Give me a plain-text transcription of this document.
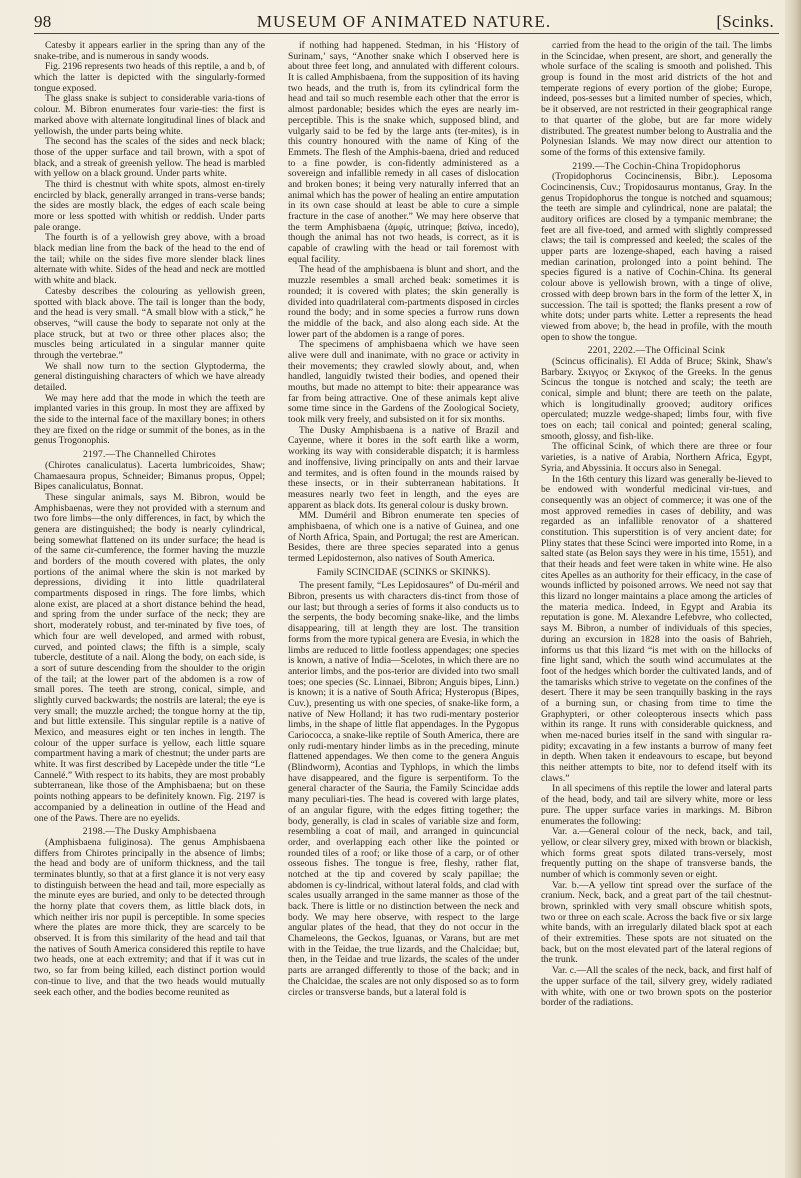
98	MUSEUM OF ANIMATED NATURE.	[Scinks.

Catesby it appears earlier in the spring than any of the snake-tribe, and is numerous in sandy woods.

Fig. 2196 represents two heads of this reptile, a and b, of which the latter is depicted with the singularly-formed tongue exposed.

The glass snake is subject to considerable varia-tions of colour. M. Bibron enumerates four varie-ties: the first is marked above with alternate longitudinal lines of black and yellowish, the under parts being white.

The second has the scales of the sides and neck black; those of the upper surface and tail brown, with a spot of black, and a streak of greenish yellow. The head is marbled with yellow on a black ground. Under parts white.

The third is chestnut with white spots, almost en-tirely encircled by black, generally arranged in trans-verse bands; the sides are mostly black, the edges of each scale being more or less spotted with whitish or reddish. Under parts pale orange.

The fourth is of a yellowish grey above, with a broad black median line from the back of the head to the end of the tail; while on the sides five more slender black lines alternate with white. Sides of the head and neck are mottled with white and black.

Catesby describes the colouring as yellowish green, spotted with black above. The tail is longer than the body, and the head is very small. “A small blow with a stick,” he observes, “will cause the body to separate not only at the place struck, but at two or three other places also; the muscles being articulated in a singular manner quite through the vertebrae.”

We shall now turn to the section Glyptoderma, the general distinguishing characters of which we have already detailed.

We may here add that the mode in which the teeth are implanted varies in this group. In most they are affixed by the side to the internal face of the maxillary bones; in others they are fixed on the ridge or summit of the bones, as in the genus Trogonophis.

2197.—The Channelled Chirotes

(Chirotes canaliculatus). Lacerta lumbricoides, Shaw; Chamaesaura propus, Schneider; Bimanus propus, Oppel; Bipes canaliculatus, Bonnat.

These singular animals, says M. Bibron, would be Amphisbaenas, were they not provided with a sternum and two fore limbs—the only differences, in fact, by which the genera are distinguished; the body is nearly cylindrical, being somewhat flattened on its under surface; the head is of the same cir-cumference, the former having the muzzle and borders of the mouth covered with plates, the only portions of the animal where the skin is not marked by depressions, dividing it into little quadrilateral compartments disposed in rings. The fore limbs, which alone exist, are placed at a short distance behind the head, and spring from the under surface of the neck; they are short, moderately robust, and ter-minated by five toes, of which four are well developed, and armed with robust, curved, and pointed claws; the fifth is a simple, scaly tubercle, destitute of a nail. Along the body, on each side, is a sort of suture descending from the shoulder to the origin of the tail; at the lower part of the abdomen is a row of small pores. The teeth are strong, conical, simple, and slightly curved backwards; the nostrils are lateral; the eye is very small; the muzzle arched; the tongue horny at the tip, and but little extensile. This singular reptile is a native of Mexico, and measures eight or ten inches in length. The colour of the upper surface is yellow, each little square compartment having a mark of chestnut; the under parts are white. It was first described by Lacepède under the title “Le Cannelé.” With respect to its habits, they are most probably subterranean, like those of the Amphisbaena; but on these points nothing appears to be definitely known. Fig. 2197 is accompanied by a delineation in outline of the Head and one of the Paws. There are no eyelids.

2198.—The Dusky Amphisbaena

(Amphisbaena fuliginosa). The genus Amphisbaena differs from Chirotes principally in the absence of limbs; the head and body are of uniform thickness, and the tail terminates bluntly, so that at a first glance it is not very easy to distinguish between the head and tail, more especially as the minute eyes are buried, and only to be detected through the horny plate that covers them, as little black dots, in which neither iris nor pupil is perceptible. In some species where the plates are more thick, they are scarcely to be observed. It is from this similarity of the head and tail that the natives of South America considered this reptile to have two heads, one at each extremity; and that if it was cut in two, so far from being killed, each distinct portion would con-tinue to live, and that the two heads would mutually seek each other, and the bodies become reunited as

if nothing had happened. Stedman, in his ‘History of Surinam,’ says, “Another snake which I observed here is about three feet long, and annulated with different colours. It is called Amphisbaena, from the supposition of its having two heads, and the truth is, from its cylindrical form the head and tail so much resemble each other that the error is almost pardonable; besides which the eyes are nearly im-perceptible. This is the snake which, supposed blind, and vulgarly said to be fed by the large ants (ter-mites), is in this country honoured with the name of King of the Emmets. The flesh of the Amphis-baena, dried and reduced to a fine powder, is con-fidently administered as a sovereign and infallible remedy in all cases of dislocation and broken bones; it being very naturally inferred that an animal which has the power of healing an entire amputation in its own case should at least be able to cure a simple fracture in the case of another.” We may here observe that the term Amphisbaena (ἀμφίς, utrinque; βαίνω, incedo), though the animal has not two heads, is correct, as it is capable of crawling with the head or tail foremost with equal facility.

The head of the amphisbaena is blunt and short, and the muzzle resembles a small arched beak: sometimes it is rounded; it is covered with plates; the skin generally is divided into quadrilateral com-partments disposed in circles round the body; and in some species a furrow runs down the middle of the back, and also along each side. At the lower part of the abdomen is a range of pores.

The specimens of amphisbaena which we have seen alive were dull and inanimate, with no grace or activity in their movements; they crawled slowly about, and, when handled, languidly twisted their bodies, and opened their mouths, but made no attempt to bite: their appearance was far from being attractive. One of these animals kept alive some time since in the Gardens of the Zoological Society, took milk very freely, and subsisted on it for six months.

The Dusky Amphisbaena is a native of Brazil and Cayenne, where it bores in the soft earth like a worm, working its way with considerable dispatch; it is harmless and inoffensive, living principally on ants and their larvae and termites, and is often found in the mounds raised by these insects, or in their subterranean habitations. It measures nearly two feet in length, and the eyes are apparent as black dots. Its general colour is dusky brown.

MM. Duméril and Bibron enumerate ten species of amphisbaena, of which one is a native of Guinea, and one of North Africa, Spain, and Portugal; the rest are American. Besides, there are three species separated into a genus termed Lepidosternon, also natives of South America.

Family SCINCIDAE (SCINKS or SKINKS).

The present family, “Les Lepidosaures” of Du-méril and Bibron, presents us with characters dis-tinct from those of our last; but through a series of forms it also conducts us to the serpents, the body becoming snake-like, and the limbs disappearing, till at length they are lost. The transition forms from the more typical genera are Evesia, in which the limbs are reduced to little footless appendages; one species is known, a native of India—Scelotes, in which there are no anterior limbs, and the pos-terior are divided into two small toes; one species (Sc. Linnaei, Bibron; Anguis bipes, Linn.) is known; it is a native of South Africa; Hysteropus (Bipes, Cuv.), presenting us with one species, of snake-like form, a native of New Holland; it has two rudi-mentary posterior limbs, in the shape of little flat appendages. In the Pygopus Cariococca, a snake-like reptile of South America, there are only rudi-mentary hinder limbs as in the preceding, minute flattened appendages. We then come to the genera Anguis (Blindworm), Acontias and Typhlops, in which the limbs have disappeared, and the figure is serpentiform. To the general character of the Sauria, the Family Scincidae adds many peculiari-ties. The head is covered with large plates, of an angular figure, with the edges fitting together; the body, generally, is clad in scales of variable size and form, resembling a coat of mail, and arranged in quincuncial order, and overlapping each other like the pointed or rounded tiles of a roof; or like those of a carp, or of other osseous fishes. The tongue is free, fleshy, rather flat, notched at the tip and covered by scaly papillae; the abdomen is cy-lindrical, without lateral folds, and clad with scales usually arranged in the same manner as those of the back. There is little or no distinction between the neck and body. We may here observe, with respect to the large angular plates of the head, that they do not occur in the Chameleons, the Geckos, Iguanas, or Varans, but are met with in the Teidae, the true lizards, and the Chalcidae; but, then, in the Teidae and true lizards, the scales of the under parts are arranged differently to those of the back; and in the Chalcidae, the scales are not only disposed so as to form circles or transverse bands, but a lateral fold is

carried from the head to the origin of the tail. The limbs in the Scincidae, when present, are short, and generally the whole surface of the scaling is smooth and polished. This group is found in the most arid districts of the hot and temperate regions of every portion of the globe; Europe, indeed, pos-sesses but a limited number of species, which, be it observed, are not restricted in their geographical range to that quarter of the globe, but are far more widely distributed. The greatest number belong to Australia and the Polynesian Islands. We may now direct our attention to some of the forms of this extensive family.

2199.—The Cochin-China Tropidophorus

(Tropidophorus Cocincinensis, Bibr.). Leposoma Cocincinensis, Cuv.; Tropidosaurus montanus, Gray. In the genus Tropidophorus the tongue is notched and squamous; the teeth are simple and cylindrical, none are palatal; the auditory orifices are closed by a tympanic membrane; the feet are all five-toed, and armed with slightly compressed claws; the tail is compressed and keeled; the scales of the upper parts are lozenge-shaped, each having a raised median carination, prolonged into a point behind. The species figured is a native of Cochin-China. Its general colour above is yellowish brown, with a tinge of olive, crossed with deep brown bars in the form of the letter X, in succession. The tail is spotted; the flanks present a row of white dots; under parts white. Letter a represents the head viewed from above; b, the head in profile, with the mouth open to show the tongue.

2201, 2202.—The Officinal Scink

(Scincus officinalis). El Adda of Bruce; Skink, Shaw's Barbary. Σκιγγος or Σκιγκος of the Greeks. In the genus Scincus the tongue is notched and scaly; the teeth are conical, simple and blunt; there are teeth on the palate, which is longitudinally grooved; auditory orifices operculated; muzzle wedge-shaped; limbs four, with five toes on each; tail conical and pointed; general scaling, smooth, glossy, and fish-like.

The officinal Scink, of which there are three or four varieties, is a native of Arabia, Northern Africa, Egypt, Syria, and Abyssinia. It occurs also in Senegal.

In the 16th century this lizard was generally be-lieved to be endowed with wonderful medicinal vir-tues, and consequently was an object of commerce; it was one of the most approved remedies in cases of debility, and was regarded as an infallible renovator of a shattered constitution. This superstition is of very ancient date; for Pliny states that these Scinci were imported into Rome, in a salted state (as Belon says they were in his time, 1551), and that their heads and feet were taken in white wine. He also cites Apelles as an authority for their efficacy, in the case of wounds inflicted by poisoned arrows. We need not say that this lizard no longer maintains a place among the articles of the materia medica. Indeed, in Egypt and Arabia its reputation is gone. M. Alexandre Lefebvre, who collected, says M. Bibron, a number of individuals of this species, during an excursion in 1828 into the oasis of Bahrieh, informs us that this lizard “is met with on the hillocks of fine light sand, which the south wind accumulates at the foot of the hedges which border the cultivated lands, and of the tamarisks which strive to vegetate on the confines of the desert. There it may be seen tranquilly basking in the rays of a burning sun, or chasing from time to time the Graphypteri, or other coleopterous insects which pass within its range. It runs with considerable quickness, and when me-naced buries itself in the sand with singular ra-pidity; excavating in a few instants a burrow of many feet in depth. When taken it endeavours to escape, but beyond this neither attempts to bite, nor to defend itself with its claws.”

In all specimens of this reptile the lower and lateral parts of the head, body, and tail are silvery white, more or less pure. The upper surface varies in markings. M. Bibron enumerates the following:

Var. a.—General colour of the neck, back, and tail, yellow, or clear silvery grey, mixed with brown or blackish, which forms great spots dilated trans-versely, most frequently putting on the shape of transverse bands, the number of which is commonly seven or eight.

Var. b.—A yellow tint spread over the surface of the cranium. Neck, back, and a great part of the tail chestnut-brown, sprinkled with very small obscure whitish spots, two or three on each scale. Across the back five or six large white bands, with an irregularly dilated black spot at each of their extremities. These spots are not situated on the back, but on the most elevated part of the lateral regions of the trunk.

Var. c.—All the scales of the neck, back, and first half of the upper surface of the tail, silvery grey, widely radiated with white, with one or two brown spots on the posterior border of the radiations.
